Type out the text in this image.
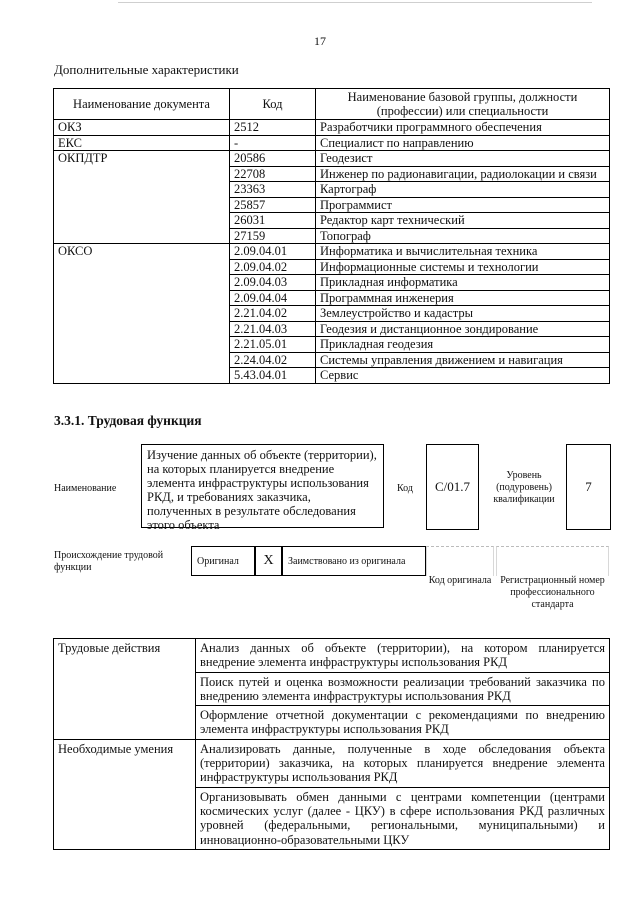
17
Дополнительные характеристики
Наименование документа	Код	Наименование базовой группы, должности (профессии) или специальности
ОКЗ	2512	Разработчики программного обеспечения
ЕКС	-	Специалист по направлению
ОКПДТР	20586	Геодезист
	22708	Инженер по радионавигации, радиолокации и связи
	23363	Картограф
	25857	Программист
	26031	Редактор карт технический
	27159	Топограф
ОКСО	2.09.04.01	Информатика и вычислительная техника
	2.09.04.02	Информационные системы и технологии
	2.09.04.03	Прикладная информатика
	2.09.04.04	Программная инженерия
	2.21.04.02	Землеустройство и кадастры
	2.21.04.03	Геодезия и дистанционное зондирование
	2.21.05.01	Прикладная геодезия
	2.24.04.02	Системы управления движением и навигация
	5.43.04.01	Сервис
3.3.1. Трудовая функция
Наименование
Изучение данных об объекте (территории), на которых планируется внедрение элемента инфраструктуры использования РКД, и требованиях заказчика, полученных в результате обследования этого объекта
Код	С/01.7
Уровень (подуровень) квалификации
7
Происхождение трудовой функции
Оригинал	X	Заимствовано из оригинала
Код оригинала Регистрационный номер профессионального стандарта
Трудовые действия	Анализ данных об объекте (территории), на котором планируется внедрение элемента инфраструктуры использования РКД
	Поиск путей и оценка возможности реализации требований заказчика по внедрению элемента инфраструктуры использования РКД
	Оформление отчетной документации с рекомендациями по внедрению элемента инфраструктуры использования РКД
Необходимые умения	Анализировать данные, полученные в ходе обследования объекта (территории) заказчика, на которых планируется внедрение элемента инфраструктуры использования РКД
	Организовывать обмен данными с центрами компетенции (центрами космических услуг (далее - ЦКУ) в сфере использования РКД различных уровней (федеральными, региональными, муниципальными) и инновационно-образовательными ЦКУ
